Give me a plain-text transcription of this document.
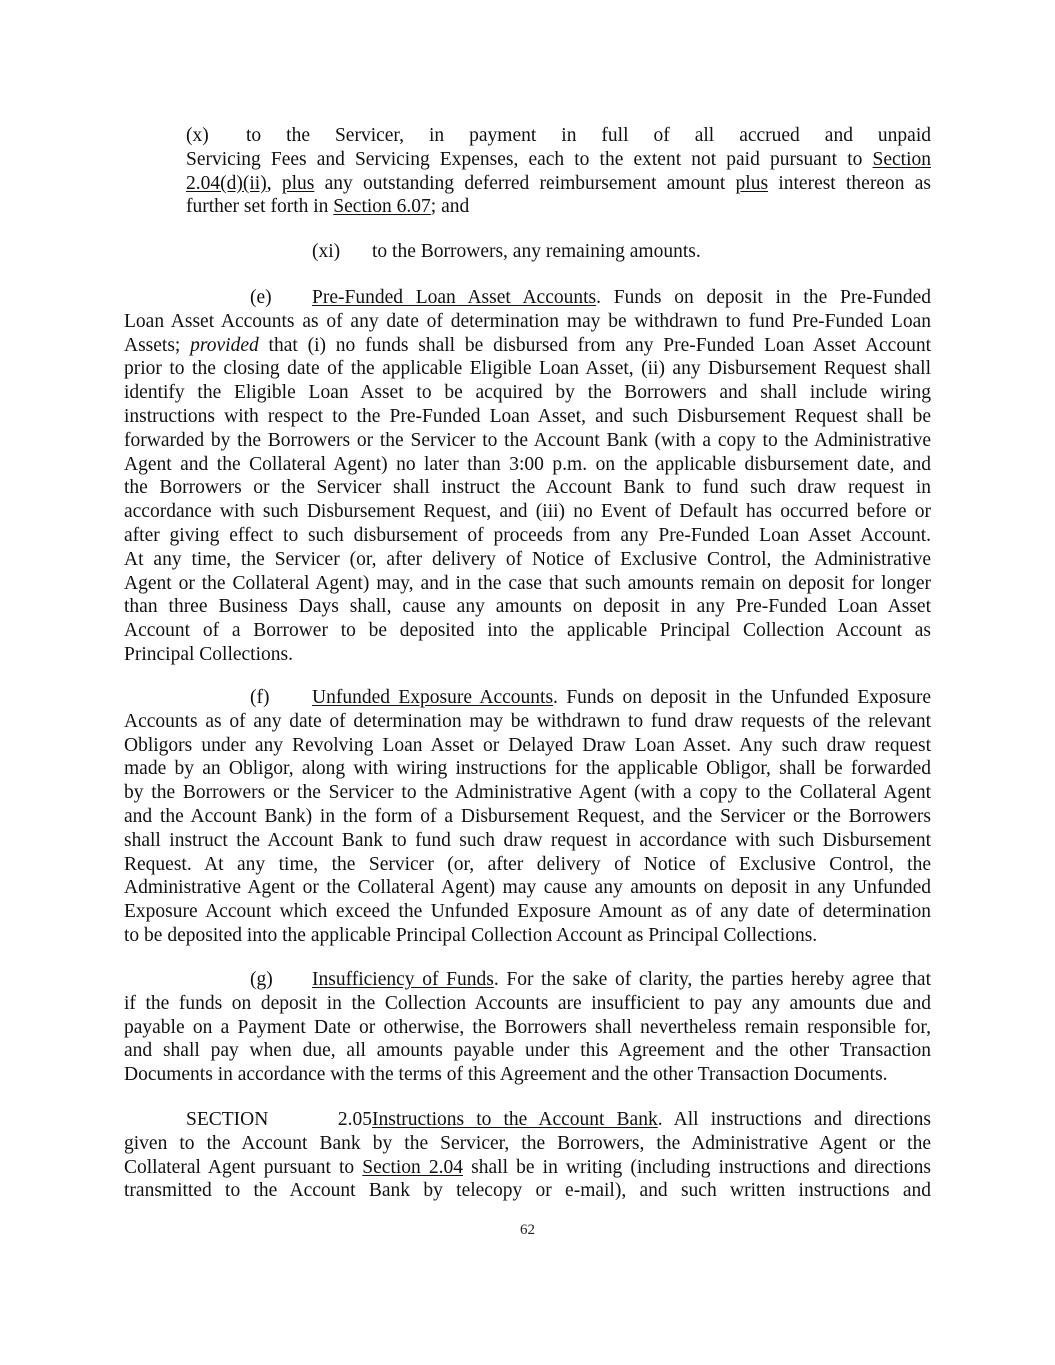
(x) to the Servicer, in payment in full of all accrued and unpaid
Servicing Fees and Servicing Expenses, each to the extent not paid pursuant to Section
2.04(d)(ii), plus any outstanding deferred reimbursement amount plus interest thereon as
further set forth in Section 6.07; and
(xi) to the Borrowers, any remaining amounts.
(e) Pre-Funded Loan Asset Accounts. Funds on deposit in the Pre-Funded
Loan Asset Accounts as of any date of determination may be withdrawn to fund Pre-Funded Loan
Assets; provided that (i) no funds shall be disbursed from any Pre-Funded Loan Asset Account
prior to the closing date of the applicable Eligible Loan Asset, (ii) any Disbursement Request shall
identify the Eligible Loan Asset to be acquired by the Borrowers and shall include wiring
instructions with respect to the Pre-Funded Loan Asset, and such Disbursement Request shall be
forwarded by the Borrowers or the Servicer to the Account Bank (with a copy to the Administrative
Agent and the Collateral Agent) no later than 3:00 p.m. on the applicable disbursement date, and
the Borrowers or the Servicer shall instruct the Account Bank to fund such draw request in
accordance with such Disbursement Request, and (iii) no Event of Default has occurred before or
after giving effect to such disbursement of proceeds from any Pre-Funded Loan Asset Account.
At any time, the Servicer (or, after delivery of Notice of Exclusive Control, the Administrative
Agent or the Collateral Agent) may, and in the case that such amounts remain on deposit for longer
than three Business Days shall, cause any amounts on deposit in any Pre-Funded Loan Asset
Account of a Borrower to be deposited into the applicable Principal Collection Account as
Principal Collections.
(f) Unfunded Exposure Accounts. Funds on deposit in the Unfunded Exposure
Accounts as of any date of determination may be withdrawn to fund draw requests of the relevant
Obligors under any Revolving Loan Asset or Delayed Draw Loan Asset. Any such draw request
made by an Obligor, along with wiring instructions for the applicable Obligor, shall be forwarded
by the Borrowers or the Servicer to the Administrative Agent (with a copy to the Collateral Agent
and the Account Bank) in the form of a Disbursement Request, and the Servicer or the Borrowers
shall instruct the Account Bank to fund such draw request in accordance with such Disbursement
Request. At any time, the Servicer (or, after delivery of Notice of Exclusive Control, the
Administrative Agent or the Collateral Agent) may cause any amounts on deposit in any Unfunded
Exposure Account which exceed the Unfunded Exposure Amount as of any date of determination
to be deposited into the applicable Principal Collection Account as Principal Collections.
(g) Insufficiency of Funds. For the sake of clarity, the parties hereby agree that
if the funds on deposit in the Collection Accounts are insufficient to pay any amounts due and
payable on a Payment Date or otherwise, the Borrowers shall nevertheless remain responsible for,
and shall pay when due, all amounts payable under this Agreement and the other Transaction
Documents in accordance with the terms of this Agreement and the other Transaction Documents.
SECTION 2.05Instructions to the Account Bank. All instructions and directions
given to the Account Bank by the Servicer, the Borrowers, the Administrative Agent or the
Collateral Agent pursuant to Section 2.04 shall be in writing (including instructions and directions
transmitted to the Account Bank by telecopy or e-mail), and such written instructions and
62
